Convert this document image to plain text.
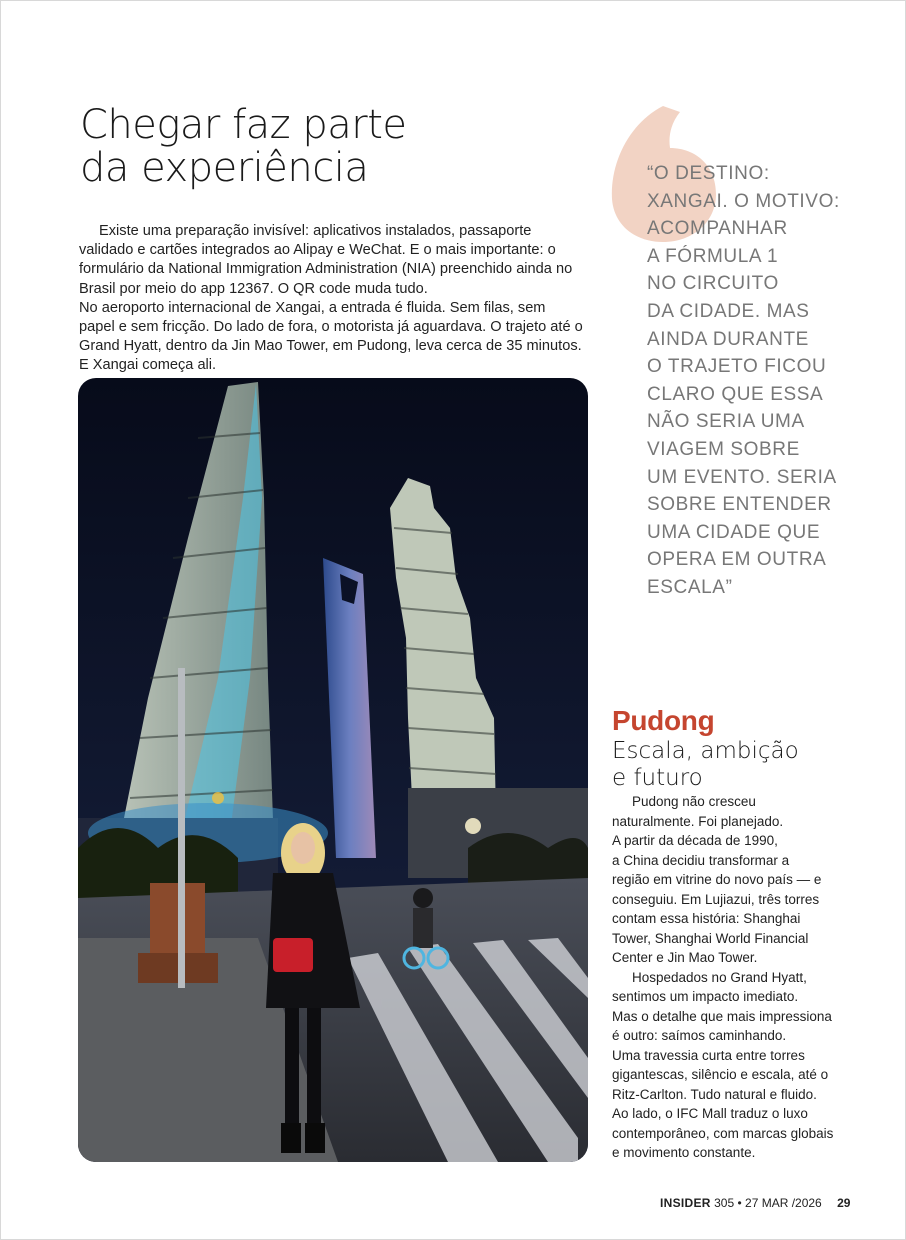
Chegar faz parte
da experiência

Existe uma preparação invisível: aplicativos instalados, passaporte validado e cartões integrados ao Alipay e WeChat. E o mais importante: o formulário da National Immigration Administration (NIA) preenchido ainda no Brasil por meio do app 12367. O QR code muda tudo.

No aeroporto internacional de Xangai, a entrada é fluida. Sem filas, sem papel e sem fricção. Do lado de fora, o motorista já aguardava. O trajeto até o Grand Hyatt, dentro da Jin Mao Tower, em Pudong, leva cerca de 35 minutos. E Xangai começa ali.

“O DESTINO:
XANGAI. O MOTIVO:
ACOMPANHAR
A FÓRMULA 1
NO CIRCUITO
DA CIDADE. MAS
AINDA DURANTE
O TRAJETO FICOU
CLARO QUE ESSA
NÃO SERIA UMA
VIAGEM SOBRE
UM EVENTO. SERIA
SOBRE ENTENDER
UMA CIDADE QUE
OPERA EM OUTRA
ESCALA”
Pudong
Escala, ambição
e futuro
Pudong não cresceu
naturalmente. Foi planejado.
A partir da década de 1990,
a China decidiu transformar a
região em vitrine do novo país — e
conseguiu. Em Lujiazui, três torres
contam essa história: Shanghai
Tower, Shanghai World Financial
Center e Jin Mao Tower.
Hospedados no Grand Hyatt,
sentimos um impacto imediato.
Mas o detalhe que mais impressiona
é outro: saímos caminhando.
Uma travessia curta entre torres
gigantescas, silêncio e escala, até o
Ritz-Carlton. Tudo natural e fluido.
Ao lado, o IFC Mall traduz o luxo
contemporâneo, com marcas globais
e movimento constante.
INSIDER 305 • 27 MAR /2026 29
